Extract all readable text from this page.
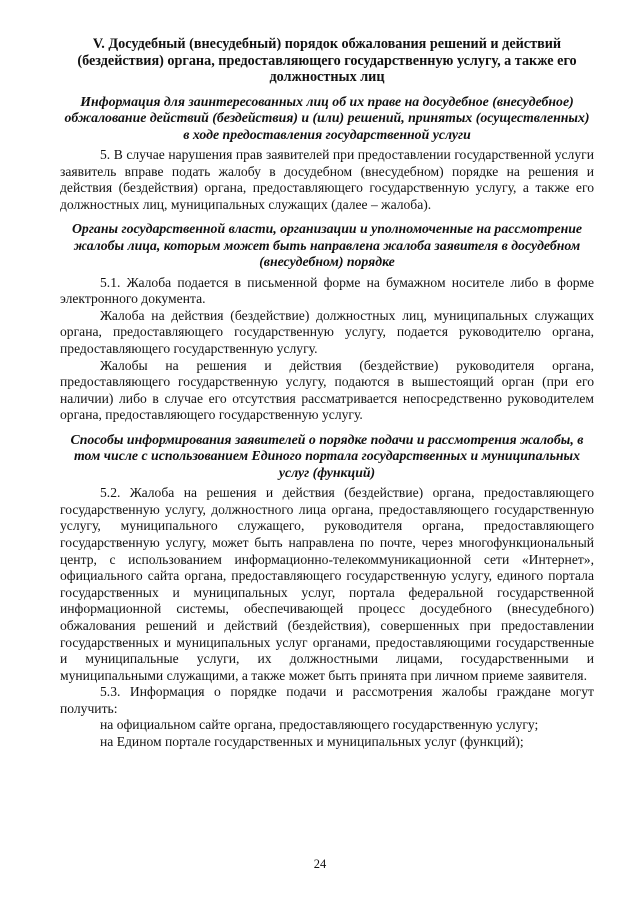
V. Досудебный (внесудебный) порядок обжалования решений и действий (бездействия) органа, предоставляющего государственную услугу, а также его должностных лиц
Информация для заинтересованных лиц об их праве на досудебное (внесудебное) обжалование действий (бездействия) и (или) решений, принятых (осуществленных) в ходе предоставления государственной услуги

5. В случае нарушения прав заявителей при предоставлении государственной услуги заявитель вправе подать жалобу в досудебном (внесудебном) порядке на решения и действия (бездействия) органа, предоставляющего государственную услугу, а также его должностных лиц, муниципальных служащих (далее – жалоба).

Органы государственной власти, организации и уполномоченные на рассмотрение жалобы лица, которым может быть направлена жалоба заявителя в досудебном (внесудебном) порядке

5.1. Жалоба подается в письменной форме на бумажном носителе либо в форме электронного документа.

Жалоба на действия (бездействие) должностных лиц, муниципальных служащих органа, предоставляющего государственную услугу, подается руководителю органа, предоставляющего государственную услугу.

Жалобы на решения и действия (бездействие) руководителя органа, предоставляющего государственную услугу, подаются в вышестоящий орган (при его наличии) либо в случае его отсутствия рассматривается непосредственно руководителем органа, предоставляющего государственную услугу.

Способы информирования заявителей о порядке подачи и рассмотрения жалобы, в том числе с использованием Единого портала государственных и муниципальных услуг (функций)

5.2. Жалоба на решения и действия (бездействие) органа, предоставляющего государственную услугу, должностного лица органа, предоставляющего государственную услугу, муниципального служащего, руководителя органа, предоставляющего государственную услугу, может быть направлена по почте, через многофункциональный центр, с использованием информационно-телекоммуникационной сети «Интернет», официального сайта органа, предоставляющего государственную услугу, единого портала государственных и муниципальных услуг, портала федеральной государственной информационной системы, обеспечивающей процесс досудебного (внесудебного) обжалования решений и действий (бездействия), совершенных при предоставлении государственных и муниципальных услуг органами, предоставляющими государственные и муниципальные услуги, их должностными лицами, государственными и муниципальными служащими, а также может быть принята при личном приеме заявителя.

5.3. Информация о порядке подачи и рассмотрения жалобы граждане могут получить:

на официальном сайте органа, предоставляющего государственную услугу;

на Едином портале государственных и муниципальных услуг (функций);

24
